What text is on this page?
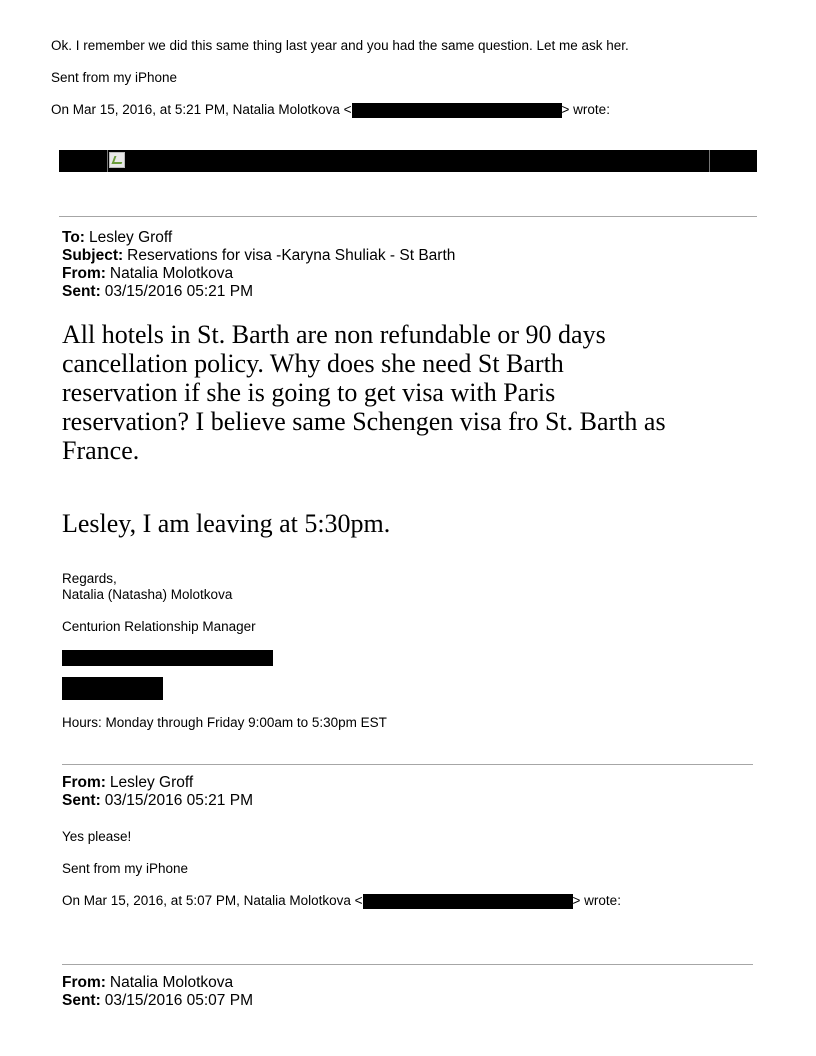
Ok. I remember we did this same thing last year and you had the same question. Let me ask her.
Sent from my iPhone
On Mar 15, 2016, at 5:21 PM, Natalia Molotkova <	> wrote:
To: Lesley Groff
Subject: Reservations for visa -Karyna Shuliak - St Barth
From: Natalia Molotkova
Sent: 03/15/2016 05:21 PM
All hotels in St. Barth are non refundable or 90 days
cancellation policy. Why does she need St Barth
reservation if she is going to get visa with Paris
reservation? I believe same Schengen visa fro St. Barth as
France.
Lesley, I am leaving at 5:30pm.
Regards,
Natalia (Natasha) Molotkova
Centurion Relationship Manager
Hours: Monday through Friday 9:00am to 5:30pm EST
From: Lesley Groff
Sent: 03/15/2016 05:21 PM
Yes please!
Sent from my iPhone
On Mar 15, 2016, at 5:07 PM, Natalia Molotkova <	> wrote:
From: Natalia Molotkova
Sent: 03/15/2016 05:07 PM
